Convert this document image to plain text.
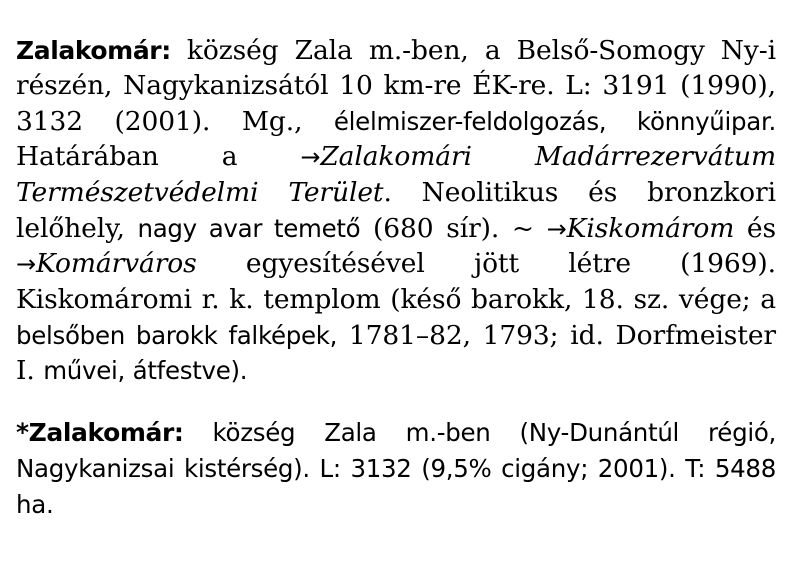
Zalakomár: község Zala m.-ben, a Belső-Somogy Ny-i részén, Nagykanizsától 10 km-re ÉK-re. L: 3191 (1990), 3132 (2001). Mg., élelmiszer-feldolgozás, könnyűipar. Határában a →Zalakomári Madárrezervátum Természetvédelmi Terület. Neolitikus és bronzkori lelőhely, nagy avar temető (680 sír). ~ →Kiskomárom és →Komárváros egyesítésével jött létre (1969). Kiskomáromi r. k. templom (késő barokk, 18. sz. vége; a belsőben barokk falképek, 1781–82, 1793; id. Dorfmeister I. művei, átfestve).

*Zalakomár: község Zala m.-ben (Ny-Dunántúl régió, Nagykanizsai kistérség). L: 3132 (9,5% cigány; 2001). T: 5488 ha.
